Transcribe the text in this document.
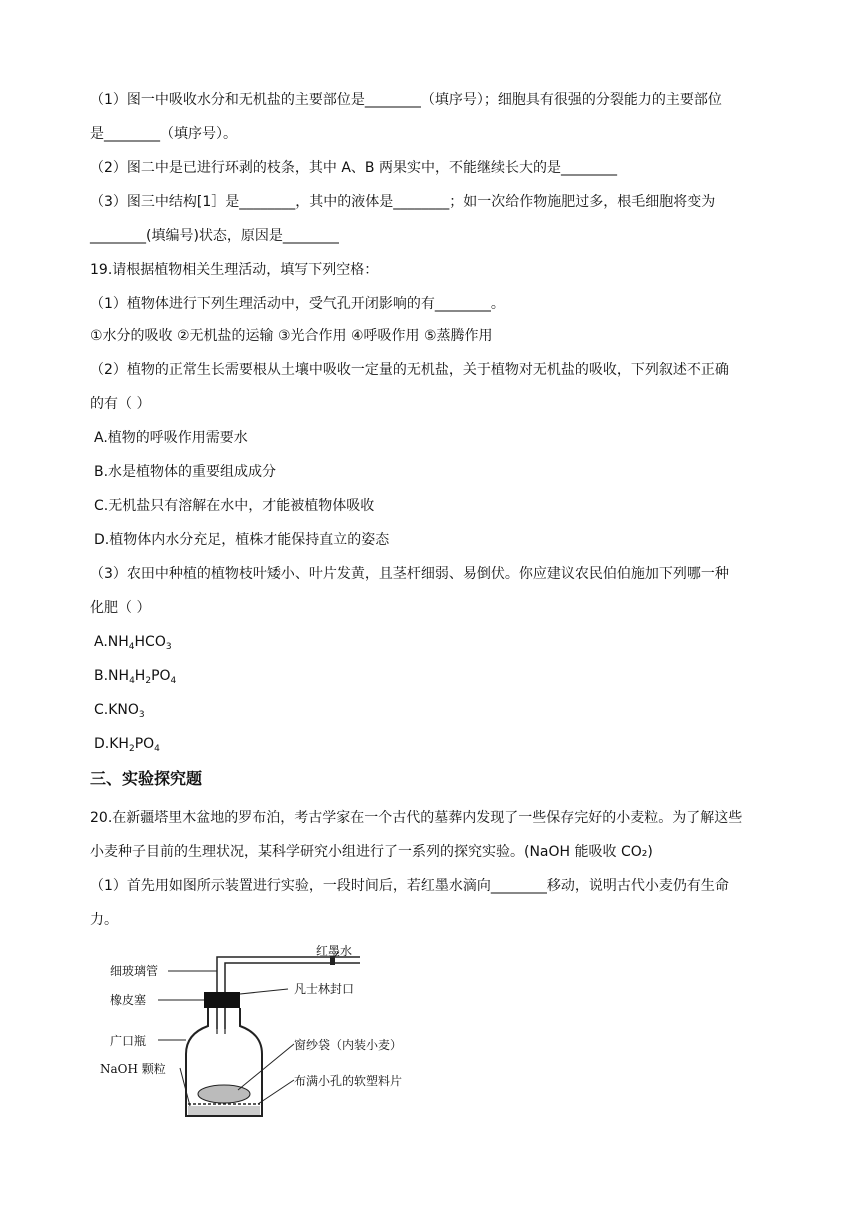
（1）图一中吸收水分和无机盐的主要部位是________（填序号）；细胞具有很强的分裂能力的主要部位
是________（填序号）。
（2）图二中是已进行环剥的枝条，其中 A、B 两果实中，不能继续长大的是________
（3）图三中结构[1］是________，其中的液体是________；如一次给作物施肥过多，根毛细胞将变为
________(填编号)状态，原因是________
19.请根据植物相关生理活动，填写下列空格：
（1）植物体进行下列生理活动中，受气孔开闭影响的有________。
①水分的吸收 ②无机盐的运输 ③光合作用 ④呼吸作用 ⑤蒸腾作用
（2）植物的正常生长需要根从土壤中吸收一定量的无机盐，关于植物对无机盐的吸收，下列叙述不正确
的有（ ）
A.植物的呼吸作用需要水
B.水是植物体的重要组成成分
C.无机盐只有溶解在水中，才能被植物体吸收
D.植物体内水分充足，植株才能保持直立的姿态
（3）农田中种植的植物枝叶矮小、叶片发黄，且茎杆细弱、易倒伏。你应建议农民伯伯施加下列哪一种
化肥（ ）
$A.NH_4HCO_3$
$B.NH_4H_2PO_4$
$C.KNO_3$
$D.KH_2PO_4$
三、实验探究题
20.在新疆塔里木盆地的罗布泊，考古学家在一个古代的墓葬内发现了一些保存完好的小麦粒。为了解这些
小麦种子目前的生理状况，某科学研究小组进行了一系列的探究实验。(NaOH 能吸收 CO₂)
（1）首先用如图所示装置进行实验，一段时间后，若红墨水滴向________移动，说明古代小麦仍有生命
力。
细玻璃管
红墨水
橡皮塞
凡士林封口
广口瓶	窗纱袋（内装小麦）
NaOH 颗粒
布满小孔的软塑料片
